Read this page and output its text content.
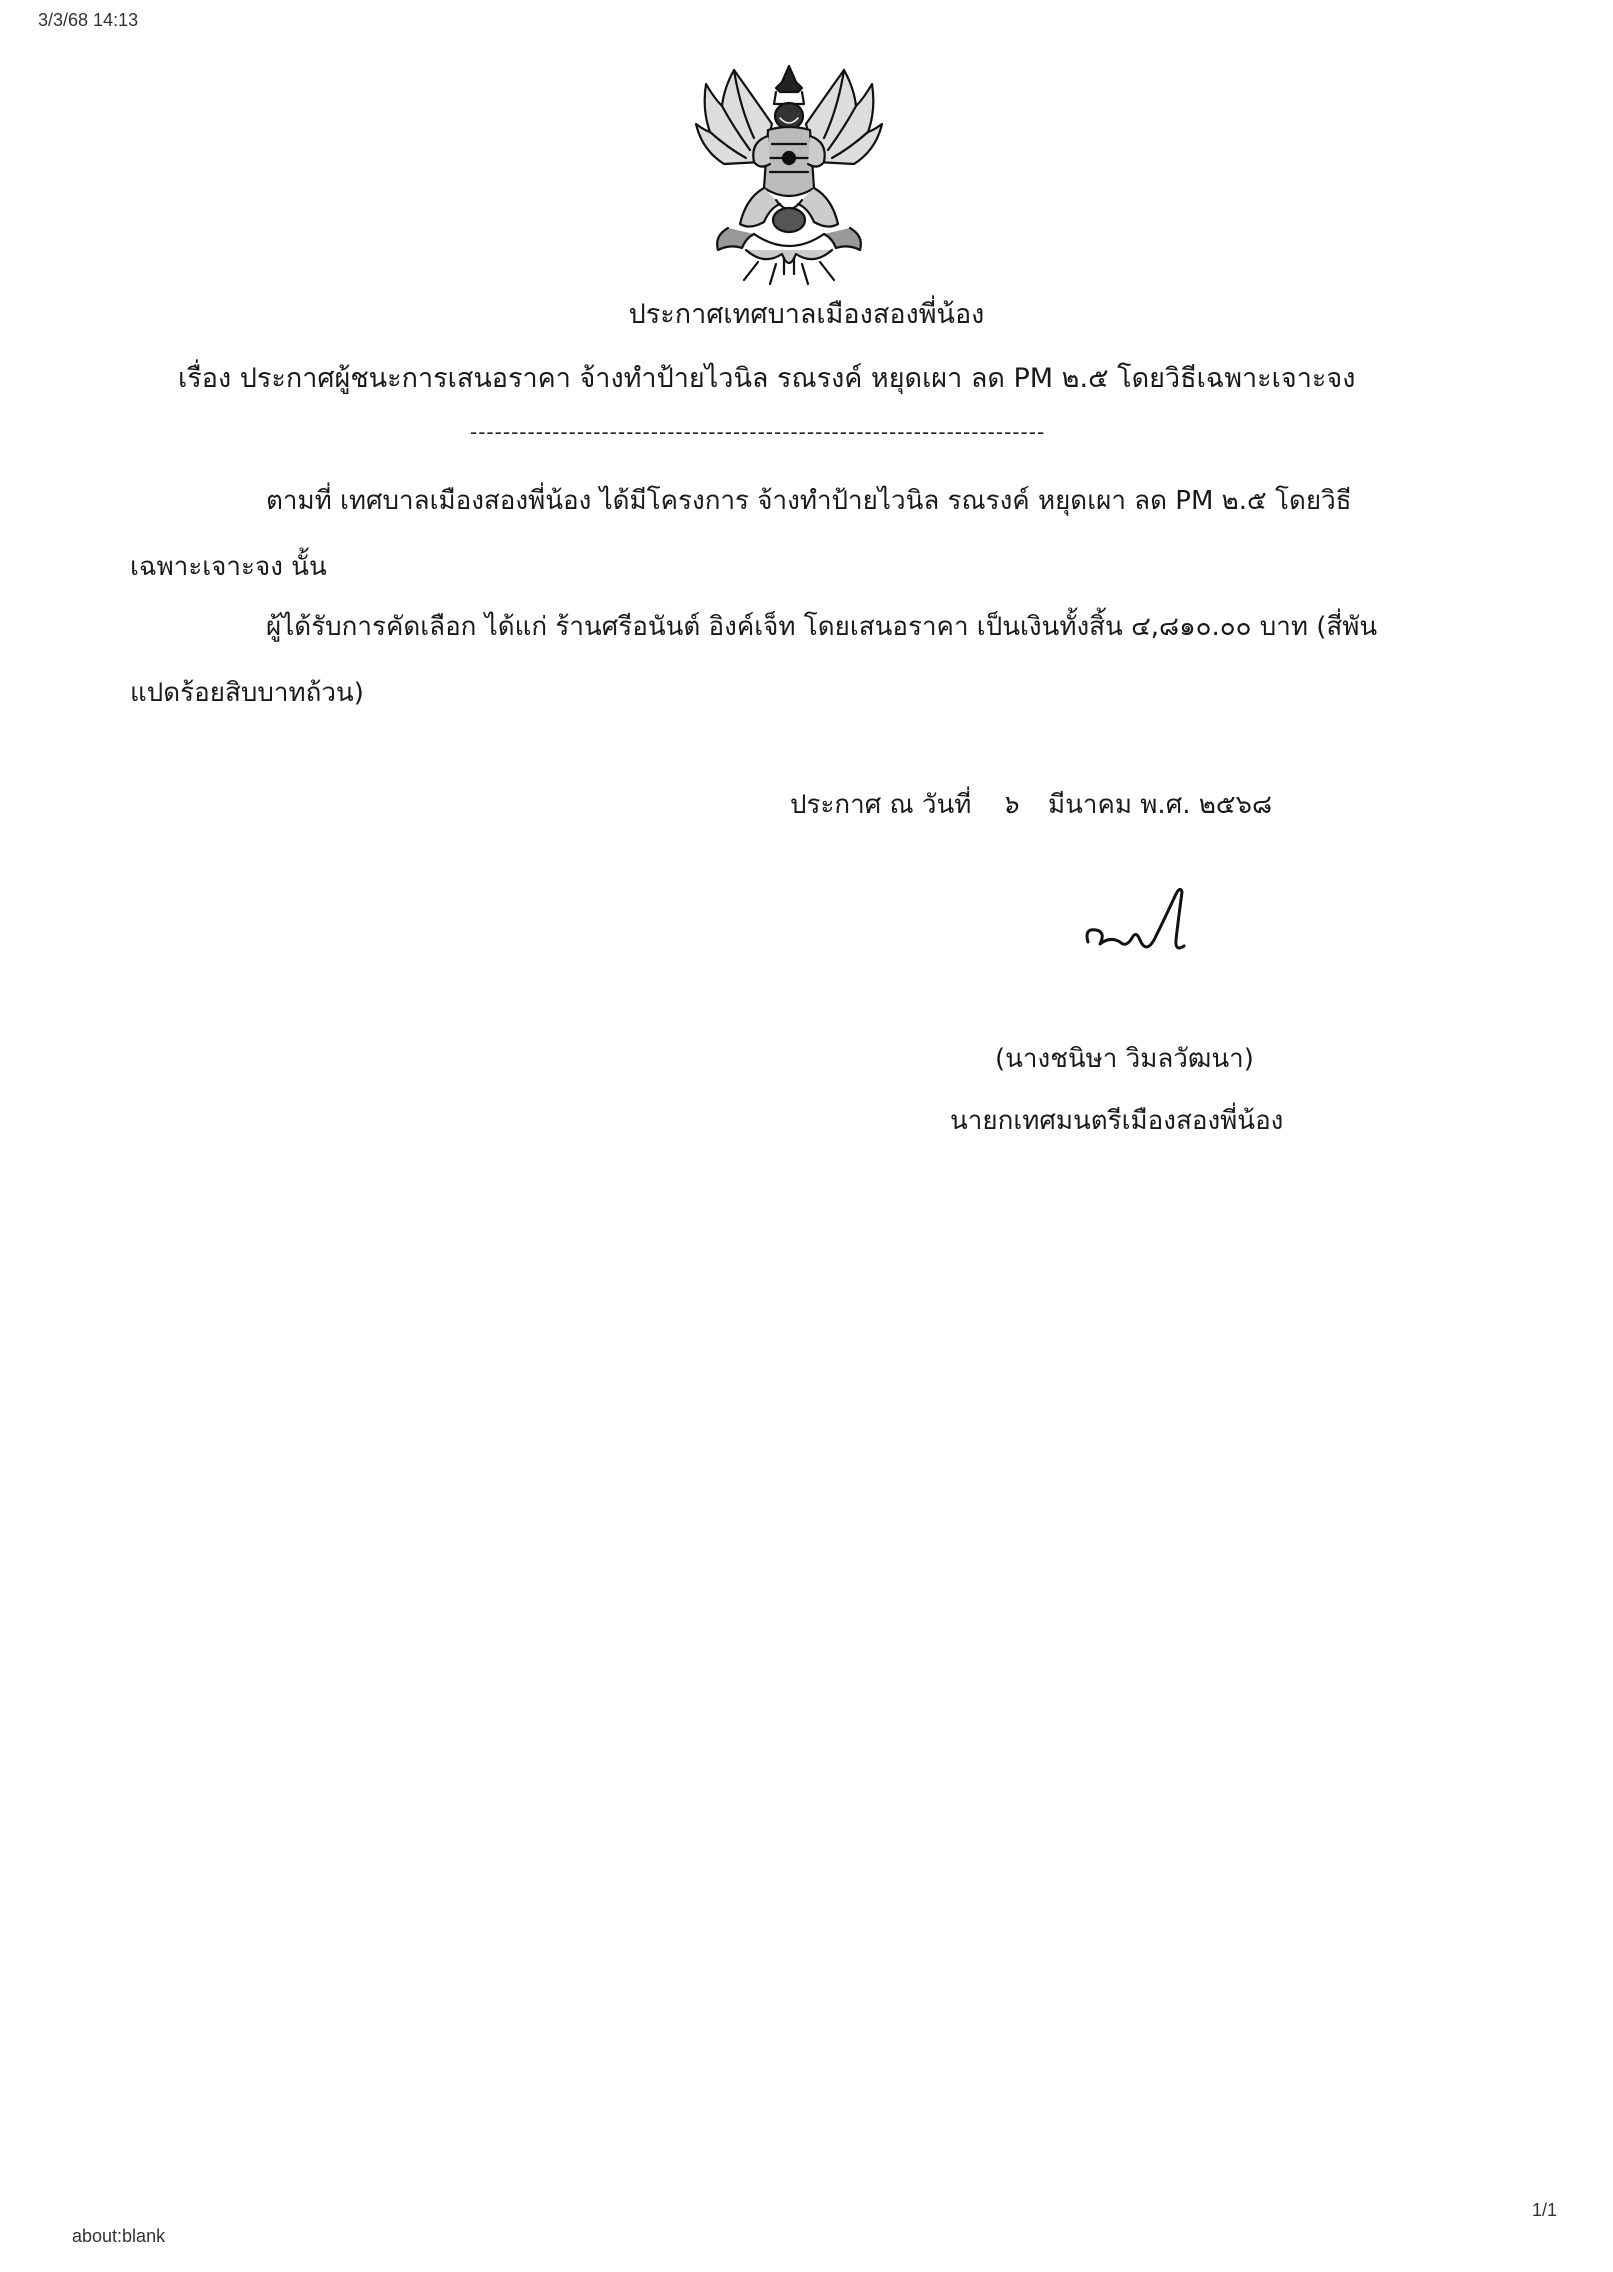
3/3/68 14:13
ประกาศเทศบาลเมืองสองพี่น้อง
เรื่อง ประกาศผู้ชนะการเสนอราคา จ้างทำป้ายไวนิล รณรงค์ หยุดเผา ลด PM ๒.๕ โดยวิธีเฉพาะเจาะจง
----------------------------------------------------------------------
ตามที่ เทศบาลเมืองสองพี่น้อง ได้มีโครงการ จ้างทำป้ายไวนิล รณรงค์ หยุดเผา ลด PM ๒.๕ โดยวิธี
เฉพาะเจาะจง นั้น
ผู้ได้รับการคัดเลือก ได้แก่ ร้านศรีอนันต์ อิงค์เจ็ท โดยเสนอราคา เป็นเงินทั้งสิ้น ๔,๘๑๐.๐๐ บาท (สี่พัน
แปดร้อยสิบบาทถ้วน)
ประกาศ ณ วันที่ ๖ มีนาคม พ.ศ. ๒๕๖๘
(นางชนิษา วิมลวัฒนา)
นายกเทศมนตรีเมืองสองพี่น้อง
about:blank
1/1
